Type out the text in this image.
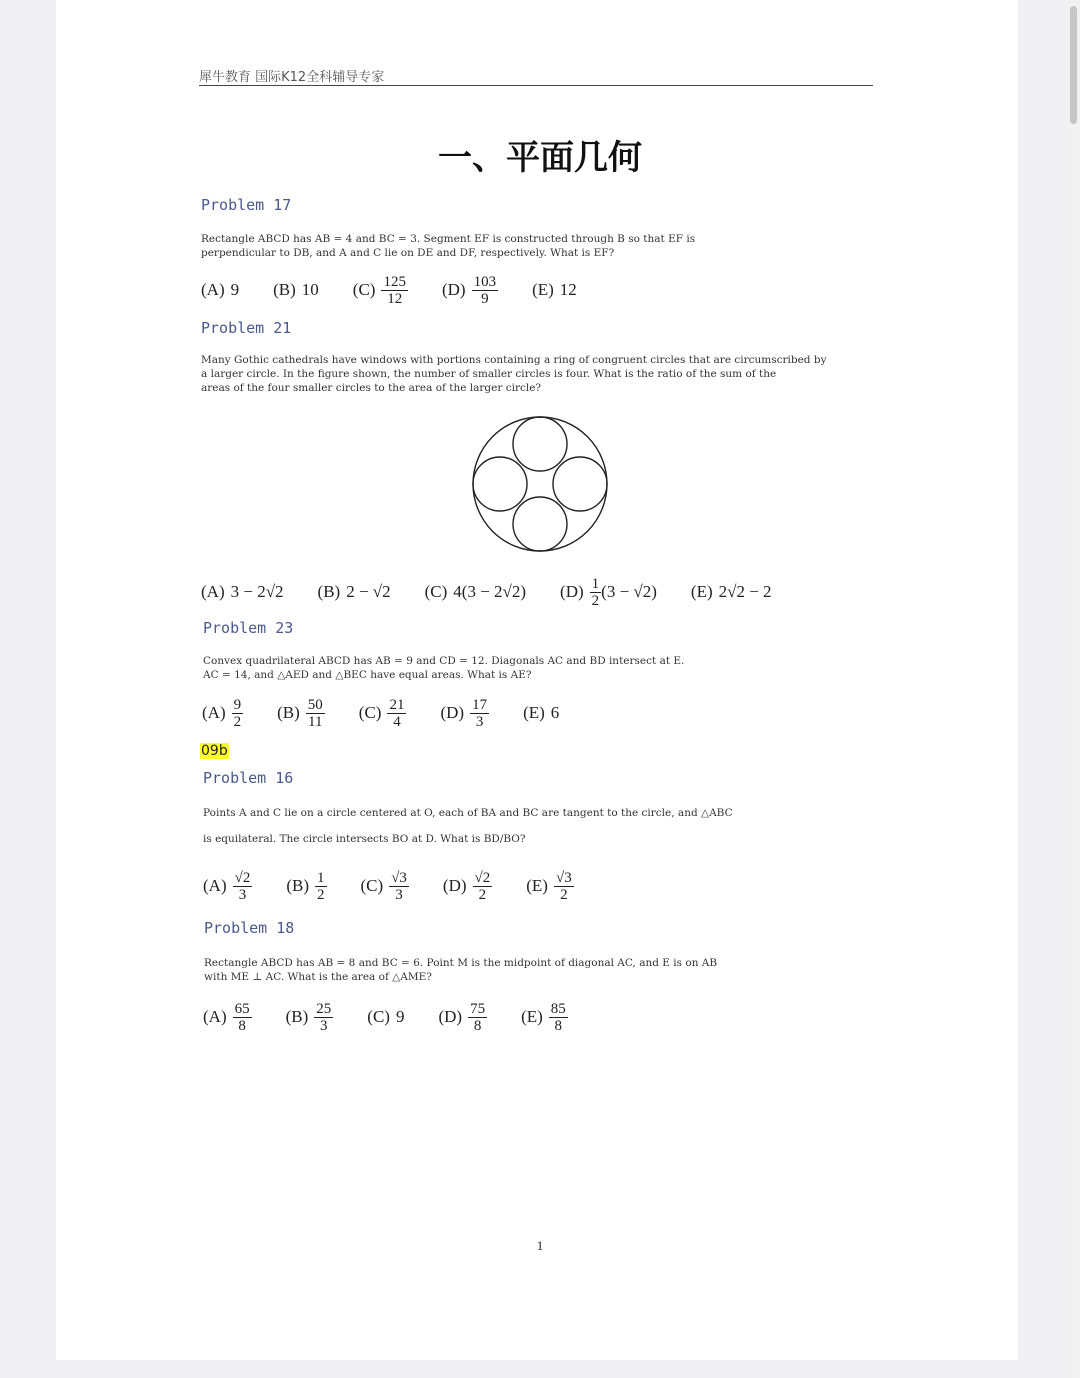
犀牛教育 国际K12全科辅导专家
一、平面几何
Problem 17
Rectangle ABCD has AB = 4 and BC = 3. Segment EF is constructed through B so that EF is
perpendicular to DB, and A and C lie on DE and DF, respectively. What is EF?
(A) 9 (B) 10 $(C) \frac{125}{12} (D) \frac{103}{9} (E)$ 12
Problem 21
Many Gothic cathedrals have windows with portions containing a ring of congruent circles that are circumscribed by
a larger circle. In the figure shown, the number of smaller circles is four. What is the ratio of the sum of the
areas of the four smaller circles to the area of the larger circle?
(A) 3 − 2√2 (B) 2 − √2 (C) 4(3 − 2√2) $(D) \frac{1}{2} (3 - √2)$ (E) 2√2 − 2
Problem 23
Convex quadrilateral ABCD has AB = 9 and CD = 12. Diagonals AC and BD intersect at E.
AC = 14, and △AED and △BEC have equal areas. What is AE?
$(A) \frac{9}{2} (B) \frac{50}{11} (C) \frac{21}{4} (D) \frac{17}{3} (E)$ 6
09b
Problem 16
Points A and C lie on a circle centered at O, each of BA and BC are tangent to the circle, and △ABC
is equilateral. The circle intersects BO at D. What is BD/BO?
$(A) \frac{√2}{3} (B) \frac{1}{2} (C) \frac{√3}{3} (D) \frac{√2}{2} (E) \frac{√3}{2}$
Problem 18
Rectangle ABCD has AB = 8 and BC = 6. Point M is the midpoint of diagonal AC, and E is on AB
with ME ⊥ AC. What is the area of △AME?
$(A) \frac{65}{8} (B) \frac{25}{3} (C)$ 9 $(D) \frac{75}{8} (E) \frac{85}{8}$
1
